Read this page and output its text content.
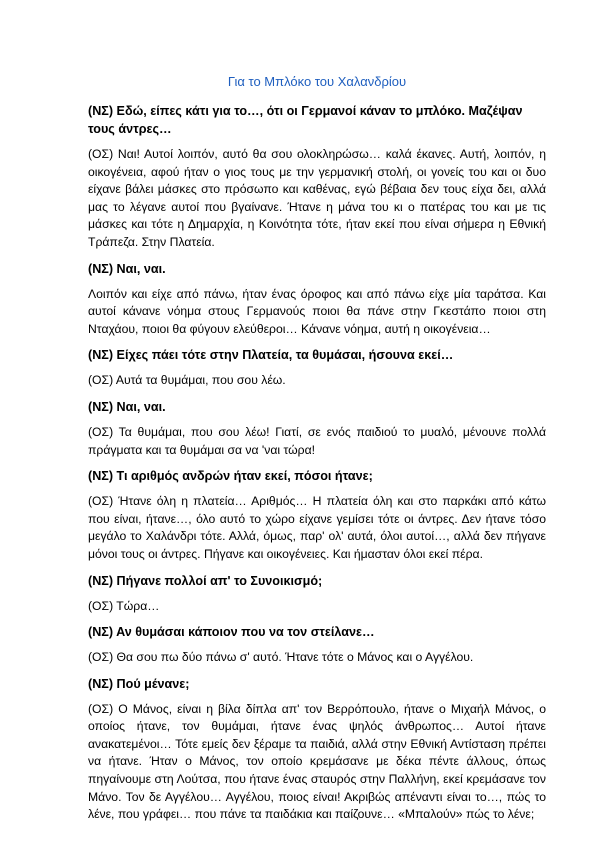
Για το Μπλόκο του Χαλανδρίου

(ΝΣ) Εδώ, είπες κάτι για το…, ότι οι Γερμανοί κάναν το μπλόκο. Μαζέψαν τους άντρες…

(ΟΣ) Ναι! Αυτοί λοιπόν, αυτό θα σου ολοκληρώσω… καλά έκανες. Αυτή, λοιπόν, η οικογένεια, αφού ήταν ο γιος τους με την γερμανική στολή, οι γονείς του και οι δυο είχανε βάλει μάσκες στο πρόσωπο και καθένας, εγώ βέβαια δεν τους είχα δει, αλλά μας το λέγανε αυτοί που βγαίνανε. Ήτανε η μάνα του κι ο πατέρας του και με τις μάσκες και τότε η Δημαρχία, η Κοινότητα τότε, ήταν εκεί που είναι σήμερα η Εθνική Τράπεζα. Στην Πλατεία.

(ΝΣ) Ναι, ναι.

Λοιπόν και είχε από πάνω, ήταν ένας όροφος και από πάνω είχε μία ταράτσα. Και αυτοί κάνανε νόημα στους Γερμανούς ποιοι θα πάνε στην Γκεστάπο ποιοι στη Νταχάου, ποιοι θα φύγουν ελεύθεροι… Κάνανε νόημα, αυτή η οικογένεια…

(ΝΣ) Είχες πάει τότε στην Πλατεία, τα θυμάσαι, ήσουνα εκεί…

(ΟΣ) Αυτά τα θυμάμαι, που σου λέω.

(ΝΣ) Ναι, ναι.

(ΟΣ) Τα θυμάμαι, που σου λέω! Γιατί, σε ενός παιδιού το μυαλό, μένουνε πολλά πράγματα και τα θυμάμαι σα να 'ναι τώρα!

(ΝΣ) Τι αριθμός ανδρών ήταν εκεί, πόσοι ήτανε;

(ΟΣ) Ήτανε όλη η πλατεία… Αριθμός… Η πλατεία όλη και στο παρκάκι από κάτω που είναι, ήτανε…, όλο αυτό το χώρο είχανε γεμίσει τότε οι άντρες. Δεν ήτανε τόσο μεγάλο το Χαλάνδρι τότε. Αλλά, όμως, παρ' ολ' αυτά, όλοι αυτοί…, αλλά δεν πήγανε μόνοι τους οι άντρες. Πήγανε και οικογένειες. Και ήμασταν όλοι εκεί πέρα.

(ΝΣ) Πήγανε πολλοί απ' το Συνοικισμό;

(ΟΣ) Τώρα…

(ΝΣ) Αν θυμάσαι κάποιον που να τον στείλανε…

(ΟΣ) Θα σου πω δύο πάνω σ' αυτό. Ήτανε τότε ο Μάνος και ο Αγγέλου.

(ΝΣ) Πού μένανε;

(ΟΣ) Ο Μάνος, είναι η βίλα δίπλα απ' τον Βερρόπουλο, ήτανε ο Μιχαήλ Μάνος, ο οποίος ήτανε, τον θυμάμαι, ήτανε ένας ψηλός άνθρωπος… Αυτοί ήτανε ανακατεμένοι… Τότε εμείς δεν ξέραμε τα παιδιά, αλλά στην Εθνική Αντίσταση πρέπει να ήτανε. Ήταν ο Μάνος, τον οποίο κρεμάσανε με δέκα πέντε άλλους, όπως πηγαίνουμε στη Λούτσα, που ήτανε ένας σταυρός στην Παλλήνη, εκεί κρεμάσανε τον Μάνο. Τον δε Αγγέλου… Αγγέλου, ποιος είναι! Ακριβώς απέναντι είναι το…, πώς το λένε, που γράφει… που πάνε τα παιδάκια και παίζουνε… «Μπαλούν» πώς το λένε;
